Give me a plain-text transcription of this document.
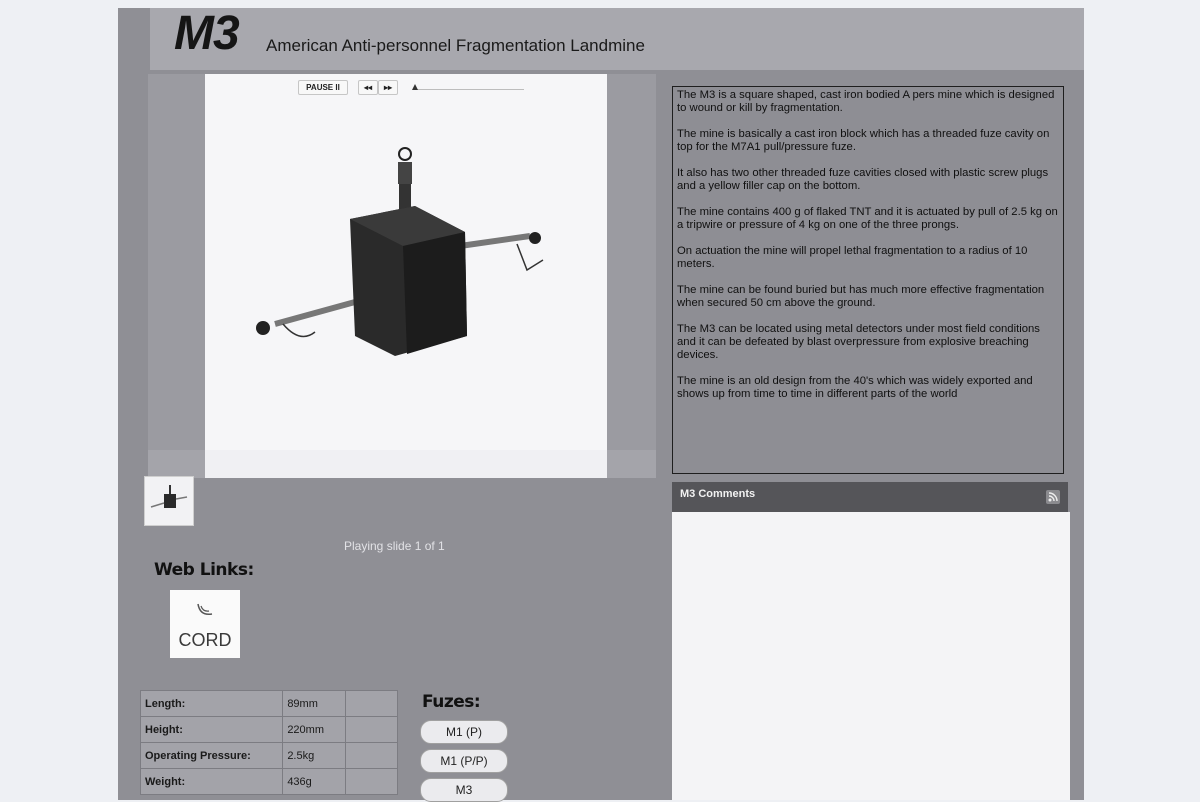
M3 American Anti-personnel Fragmentation Landmine
PAUSE II	◂◂	▸▸
Playing slide 1 of 1
Web Links:
CORD
Length:	89mm	
Height:	220mm	
Operating Pressure:	2.5kg	
Weight:	436g	
Fuzes:
M1 (P)
M1 (P/P)
M3

The M3 is a square shaped, cast iron bodied A pers mine which is designed to wound or kill by fragmentation.

The mine is basically a cast iron block which has a threaded fuze cavity on top for the M7A1 pull/pressure fuze.

It also has two other threaded fuze cavities closed with plastic screw plugs and a yellow filler cap on the bottom.

The mine contains 400 g of flaked TNT and it is actuated by pull of 2.5 kg on a tripwire or pressure of 4 kg on one of the three prongs.

On actuation the mine will propel lethal fragmentation to a radius of 10 meters.

The mine can be found buried but has much more effective fragmentation when secured 50 cm above the ground.

The M3 can be located using metal detectors under most field conditions and it can be defeated by blast overpressure from explosive breaching devices.

The mine is an old design from the 40's which was widely exported and shows up from time to time in different parts of the world

M3 Comments
